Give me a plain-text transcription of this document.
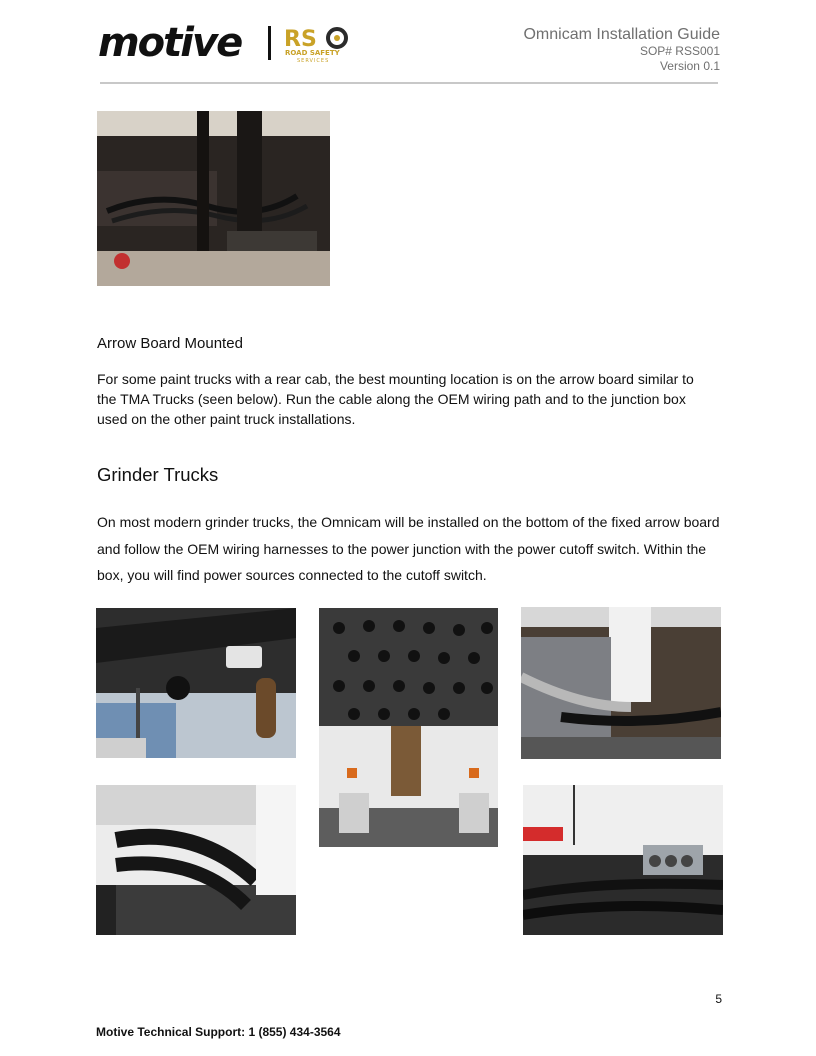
motive RS
ROAD SAFETY
SERVICES
Omnicam Installation Guide
SOP# RSS001
Version 0.1
Arrow Board Mounted
For some paint trucks with a rear cab, the best mounting location is on the arrow board similar to the TMA Trucks (seen below). Run the cable along the OEM wiring path and to the junction box used on the other paint truck installations.
Grinder Trucks
On most modern grinder trucks, the Omnicam will be installed on the bottom of the fixed arrow board and follow the OEM wiring harnesses to the power junction with the power cutoff switch. Within the box, you will find power sources connected to the cutoff switch.
5
Motive Technical Support: 1 (855) 434-3564
